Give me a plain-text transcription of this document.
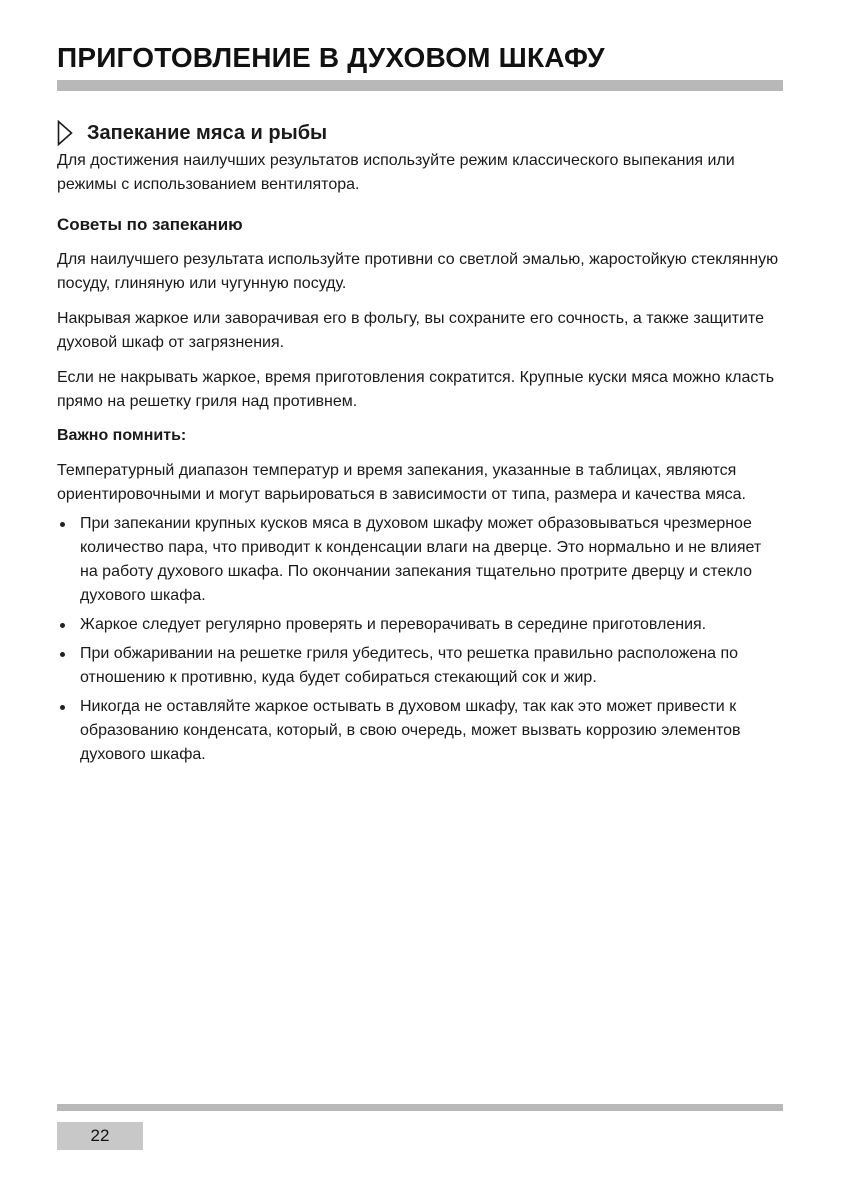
ПРИГОТОВЛЕНИЕ В ДУХОВОМ ШКАФУ
Запекание мяса и рыбы

Для достижения наилучших результатов используйте режим классического выпекания или режимы с использованием вентилятора.

Советы по запеканию

Для наилучшего результата используйте противни со светлой эмалью, жаростойкую стеклянную посуду, глиняную или чугунную посуду.

Накрывая жаркое или заворачивая его в фольгу, вы сохраните его сочность, а также защитите духовой шкаф от загрязнения.

Если не накрывать жаркое, время приготовления сократится. Крупные куски мяса можно класть прямо на решетку гриля над противнем.

Важно помнить:

Температурный диапазон температур и время запекания, указанные в таблицах, являются ориентировочными и могут варьироваться в зависимости от типа, размера и качества мяса.

При запекании крупных кусков мяса в духовом шкафу может образовываться чрезмерное количество пара, что приводит к конденсации влаги на дверце. Это нормально и не влияет на работу духового шкафа. По окончании запекания тщательно протрите дверцу и стекло духового шкафа.
Жаркое следует регулярно проверять и переворачивать в середине приготовления.
При обжаривании на решетке гриля убедитесь, что решетка правильно расположена по отношению к противню, куда будет собираться стекающий сок и жир.
Никогда не оставляйте жаркое остывать в духовом шкафу, так как это может привести к образованию конденсата, который, в свою очередь, может вызвать коррозию элементов духового шкафа.
22
